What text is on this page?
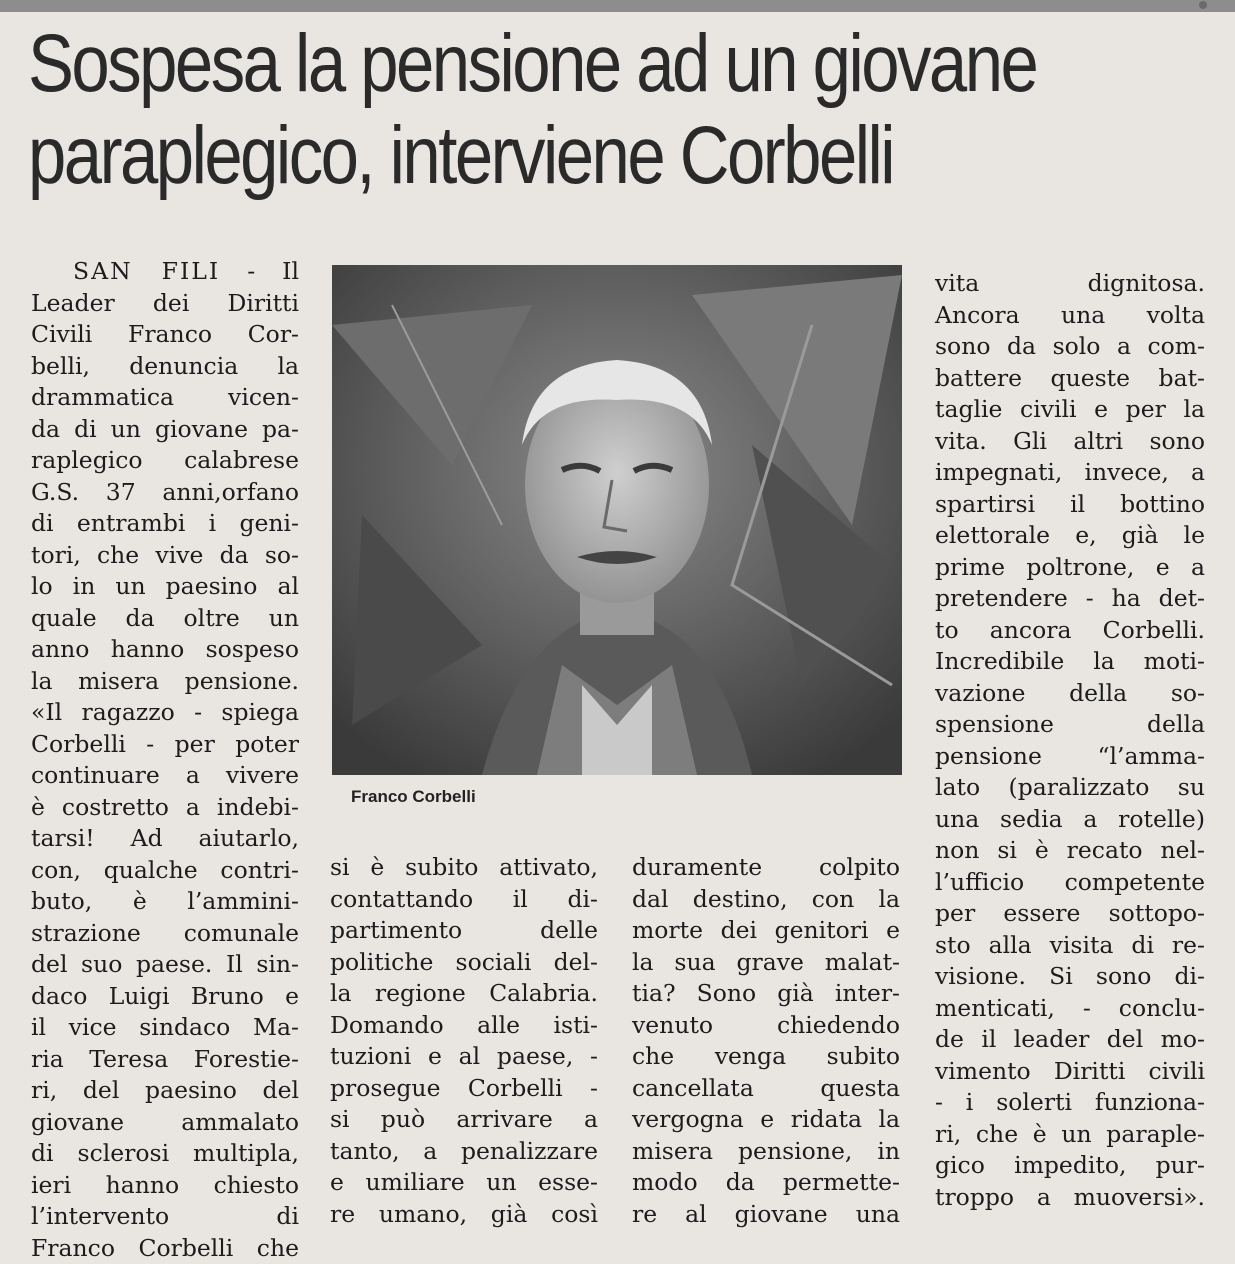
Sospesa la pensione ad un giovane
paraplegico, interviene Corbelli

SAN FILI - Il

Leader dei Diritti

Civili Franco Cor-

belli, denuncia la

drammatica vicen-

da di un giovane pa-

raplegico calabrese

G.S. 37 anni,orfano

di entrambi i geni-

tori, che vive da so-

lo in un paesino al

quale da oltre un

anno hanno sospeso

la misera pensione.

«Il ragazzo - spiega

Corbelli - per poter

continuare a vivere

è costretto a indebi-

tarsi! Ad aiutarlo,

con, qualche contri-

buto, è l’ammini-

strazione comunale

del suo paese. Il sin-

daco Luigi Bruno e

il vice sindaco Ma-

ria Teresa Forestie-

ri, del paesino del

giovane ammalato

di sclerosi multipla,

ieri hanno chiesto

l’intervento di

Franco Corbelli che

Franco Corbelli

si è subito attivato,

contattando il di-

partimento delle

politiche sociali del-

la regione Calabria.

Domando alle isti-

tuzioni e al paese, -

prosegue Corbelli -

si può arrivare a

tanto, a penalizzare

e umiliare un esse-

re umano, già così

duramente colpito

dal destino, con la

morte dei genitori e

la sua grave malat-

tia? Sono già inter-

venuto chiedendo

che venga subito

cancellata questa

vergogna e ridata la

misera pensione, in

modo da permette-

re al giovane una

vita dignitosa.

Ancora una volta

sono da solo a com-

battere queste bat-

taglie civili e per la

vita. Gli altri sono

impegnati, invece, a

spartirsi il bottino

elettorale e, già le

prime poltrone, e a

pretendere - ha det-

to ancora Corbelli.

Incredibile la moti-

vazione della so-

spensione della

pensione “l’amma-

lato (paralizzato su

una sedia a rotelle)

non si è recato nel-

l’ufficio competente

per essere sottopo-

sto alla visita di re-

visione. Si sono di-

menticati, - conclu-

de il leader del mo-

vimento Diritti civili

- i solerti funziona-

ri, che è un paraple-

gico impedito, pur-

troppo a muoversi».
